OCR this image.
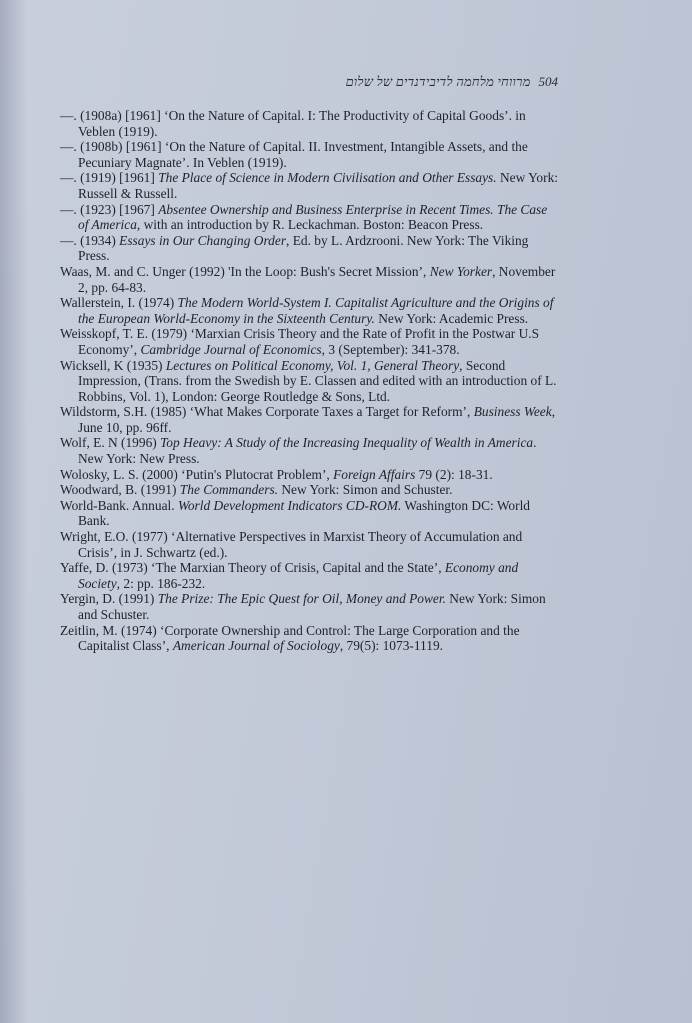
מרווחי מלחמה לדיבידנדים של שלום 504

—. (1908a) [1961] ‘On the Nature of Capital. I: The Productivity of Capital Goods’. in Veblen (1919).

—. (1908b) [1961] ‘On the Nature of Capital. II. Investment, Intangible Assets, and the Pecuniary Magnate’. In Veblen (1919).

—. (1919) [1961] The Place of Science in Modern Civilisation and Other Essays. New York: Russell & Russell.

—. (1923) [1967] Absentee Ownership and Business Enterprise in Recent Times. The Case of America, with an introduction by R. Leckachman. Boston: Beacon Press.

—. (1934) Essays in Our Changing Order, Ed. by L. Ardzrooni. New York: The Viking Press.

Waas, M. and C. Unger (1992) 'In the Loop: Bush's Secret Mission’, New Yorker, November 2, pp. 64-83.

Wallerstein, I. (1974) The Modern World-System I. Capitalist Agriculture and the Origins of the European World-Economy in the Sixteenth Century. New York: Academic Press.

Weisskopf, T. E. (1979) ‘Marxian Crisis Theory and the Rate of Profit in the Postwar U.S Economy’, Cambridge Journal of Economics, 3 (September): 341-378.

Wicksell, K (1935) Lectures on Political Economy, Vol. 1, General Theory, Second Impression, (Trans. from the Swedish by E. Classen and edited with an introduction of L. Robbins, Vol. 1), London: George Routledge & Sons, Ltd.

Wildstorm, S.H. (1985) ‘What Makes Corporate Taxes a Target for Reform’, Business Week, June 10, pp. 96ff.

Wolf, E. N (1996) Top Heavy: A Study of the Increasing Inequality of Wealth in America. New York: New Press.

Wolosky, L. S. (2000) ‘Putin's Plutocrat Problem’, Foreign Affairs 79 (2): 18-31.

Woodward, B. (1991) The Commanders. New York: Simon and Schuster.

World-Bank. Annual. World Development Indicators CD-ROM. Washington DC: World Bank.

Wright, E.O. (1977) ‘Alternative Perspectives in Marxist Theory of Accumulation and Crisis’, in J. Schwartz (ed.).

Yaffe, D. (1973) ‘The Marxian Theory of Crisis, Capital and the State’, Economy and Society, 2: pp. 186-232.

Yergin, D. (1991) The Prize: The Epic Quest for Oil, Money and Power. New York: Simon and Schuster.

Zeitlin, M. (1974) ‘Corporate Ownership and Control: The Large Corporation and the Capitalist Class’, American Journal of Sociology, 79(5): 1073-1119.
